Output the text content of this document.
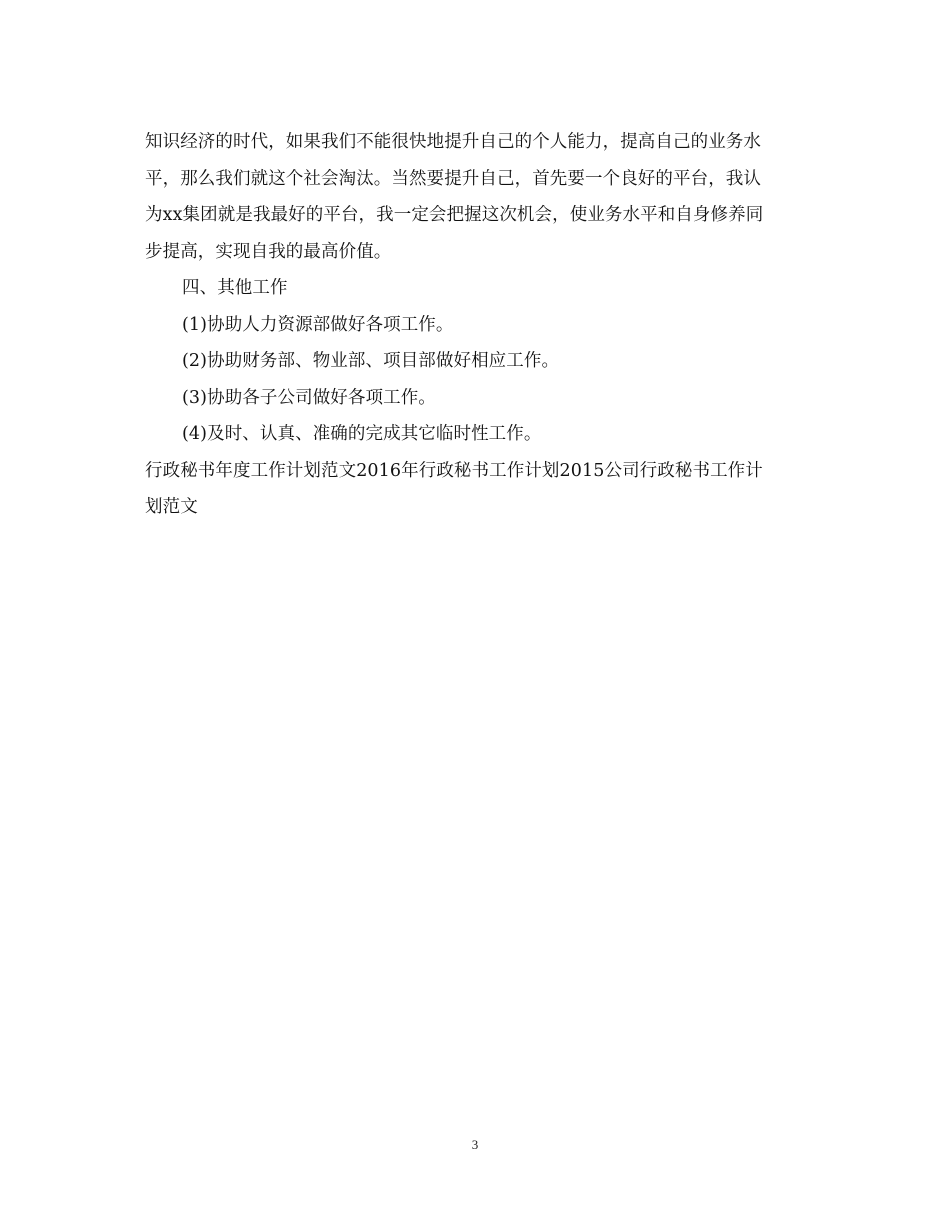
知识经济的时代，如果我们不能很快地提升自己的个人能力，提高自己的业务水
平，那么我们就这个社会淘汰。当然要提升自己，首先要一个良好的平台，我认
为xx集团就是我最好的平台，我一定会把握这次机会，使业务水平和自身修养同
步提高，实现自我的最高价值。
四、其他工作
(1)协助人力资源部做好各项工作。
(2)协助财务部、物业部、项目部做好相应工作。
(3)协助各子公司做好各项工作。
(4)及时、认真、准确的完成其它临时性工作。
行政秘书年度工作计划范文2016年行政秘书工作计划2015公司行政秘书工作计
划范文
3
